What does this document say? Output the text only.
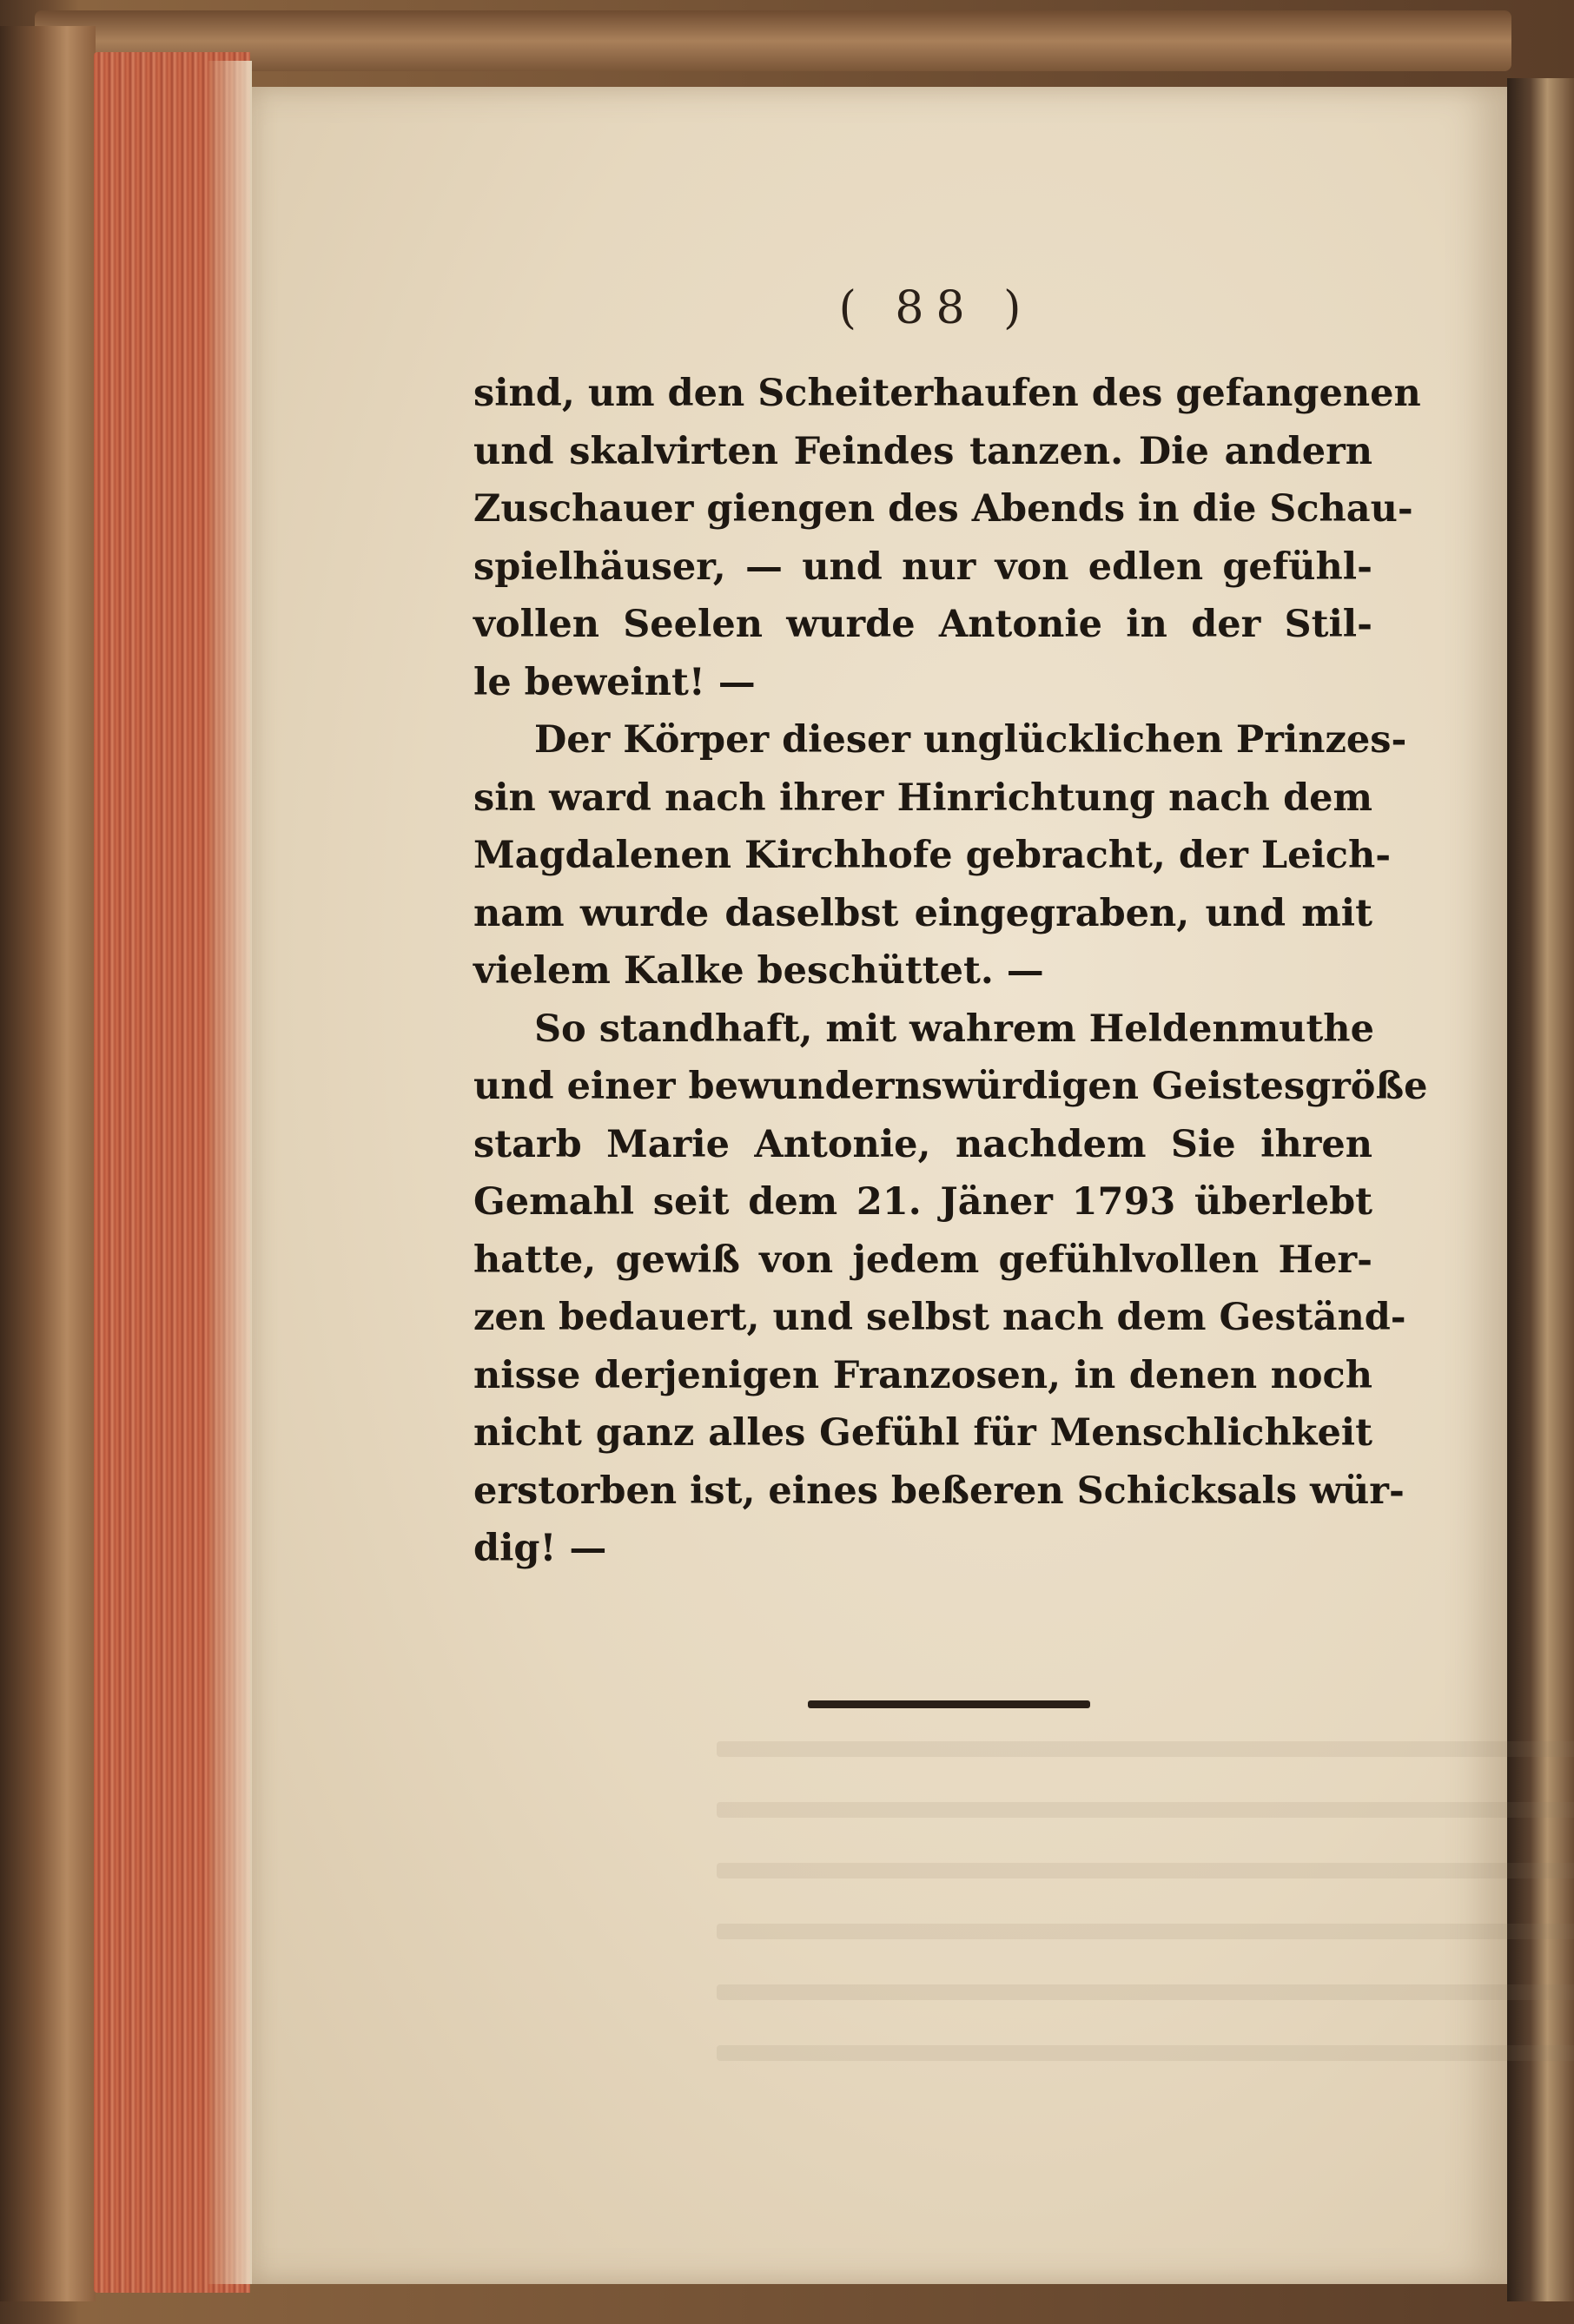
( 88 )
sind, um den Scheiterhaufen des gefangenen
und skalvirten Feindes tanzen. Die andern
Zuschauer giengen des Abends in die Schau-
spielhäuser, — und nur von edlen gefühl-
vollen Seelen wurde Antonie in der Stil-
le beweint! —
Der Körper dieser unglücklichen Prinzes-
sin ward nach ihrer Hinrichtung nach dem
Magdalenen Kirchhofe gebracht, der Leich-
nam wurde daselbst eingegraben, und mit
vielem Kalke beschüttet. —
So standhaft, mit wahrem Heldenmuthe
und einer bewundernswürdigen Geistesgröße
starb Marie Antonie, nachdem Sie ihren
Gemahl seit dem 21. Jäner 1793 überlebt
hatte, gewiß von jedem gefühlvollen Her-
zen bedauert, und selbst nach dem Geständ-
nisse derjenigen Franzosen, in denen noch
nicht ganz alles Gefühl für Menschlichkeit
erstorben ist, eines beßeren Schicksals wür-
dig! —
